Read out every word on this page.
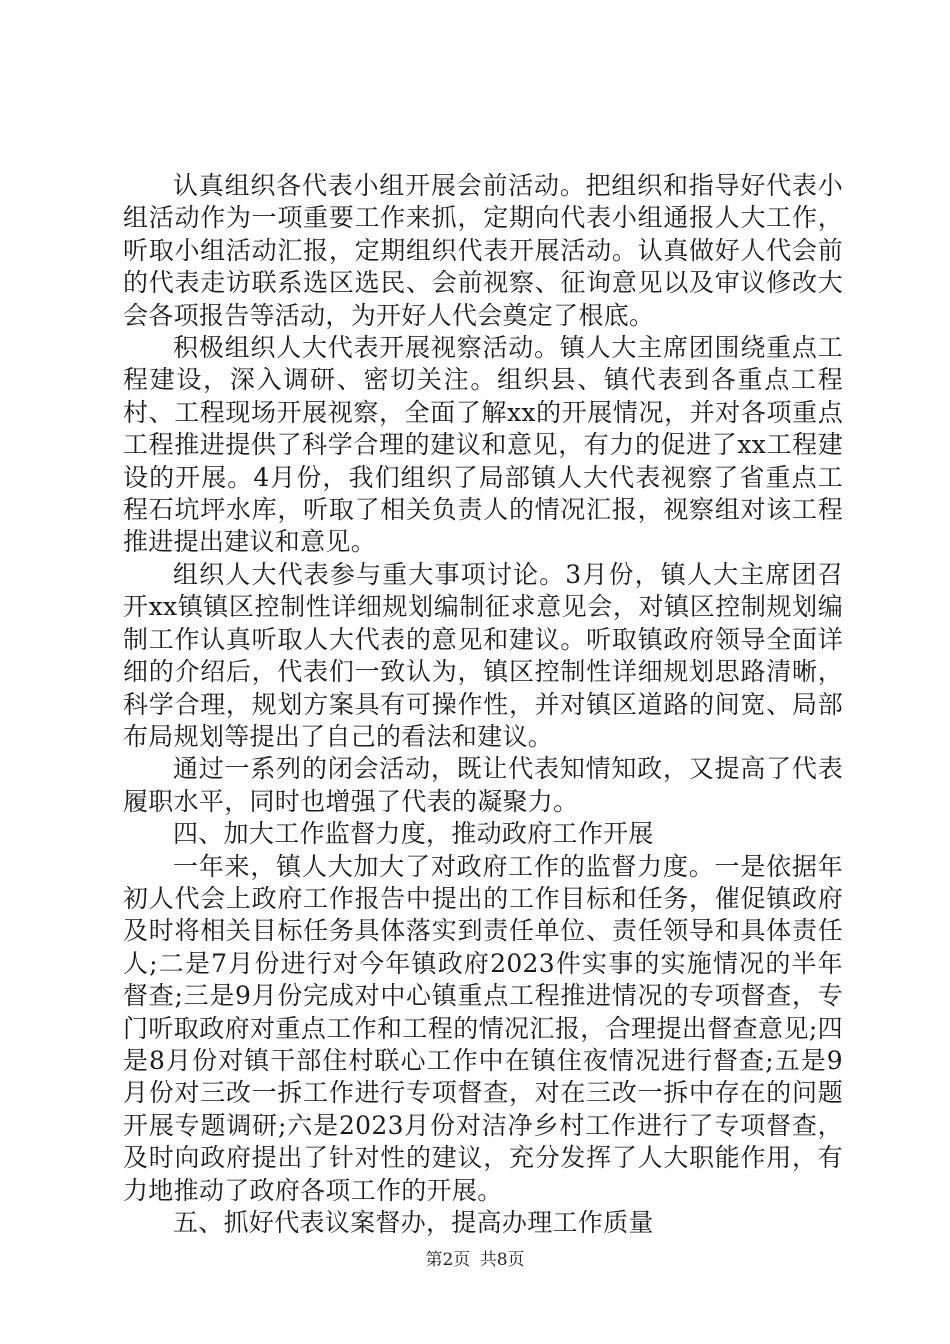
认真组织各代表小组开展会前活动。把组织和指导好代表小组活动作为一项重要工作来抓，定期向代表小组通报人大工作，听取小组活动汇报，定期组织代表开展活动。认真做好人代会前的代表走访联系选区选民、会前视察、征询意见以及审议修改大会各项报告等活动，为开好人代会奠定了根底。

积极组织人大代表开展视察活动。镇人大主席团围绕重点工程建设，深入调研、密切关注。组织县、镇代表到各重点工程村、工程现场开展视察，全面了解xx的开展情况，并对各项重点工程推进提供了科学合理的建议和意见，有力的促进了xx工程建设的开展。4月份，我们组织了局部镇人大代表视察了省重点工程石坑坪水库，听取了相关负责人的情况汇报，视察组对该工程推进提出建议和意见。

组织人大代表参与重大事项讨论。3月份，镇人大主席团召开xx镇镇区控制性详细规划编制征求意见会，对镇区控制规划编制工作认真听取人大代表的意见和建议。听取镇政府领导全面详细的介绍后，代表们一致认为，镇区控制性详细规划思路清晰，科学合理，规划方案具有可操作性，并对镇区道路的间宽、局部布局规划等提出了自己的看法和建议。

通过一系列的闭会活动，既让代表知情知政，又提高了代表履职水平，同时也增强了代表的凝聚力。

四、加大工作监督力度，推动政府工作开展

一年来，镇人大加大了对政府工作的监督力度。一是依据年初人代会上政府工作报告中提出的工作目标和任务，催促镇政府及时将相关目标任务具体落实到责任单位、责任领导和具体责任人;二是7月份进行对今年镇政府2023件实事的实施情况的半年督查;三是9月份完成对中心镇重点工程推进情况的专项督查，专门听取政府对重点工作和工程的情况汇报，合理提出督查意见;四是8月份对镇干部住村联心工作中在镇住夜情况进行督查;五是9月份对三改一拆工作进行专项督查，对在三改一拆中存在的问题开展专题调研;六是2023月份对洁净乡村工作进行了专项督查，及时向政府提出了针对性的建议，充分发挥了人大职能作用，有力地推动了政府各项工作的开展。

五、抓好代表议案督办，提高办理工作质量

第2页 共8页
